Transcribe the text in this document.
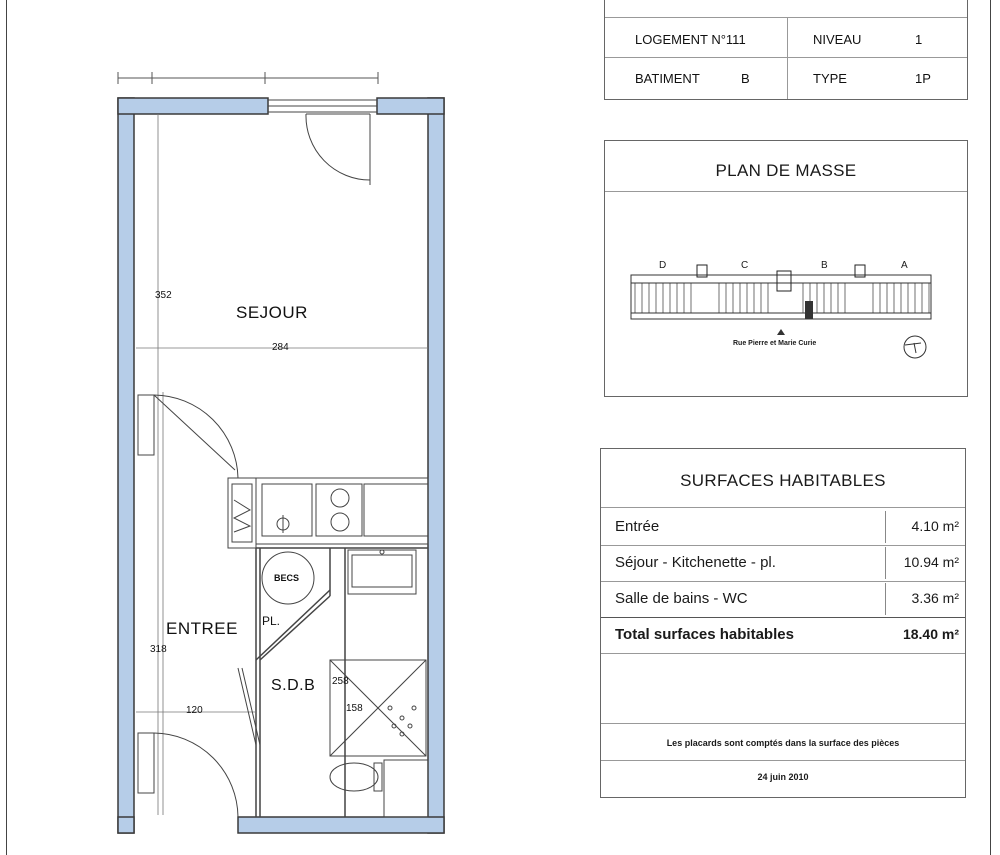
SEJOUR
ENTREE
S.D.B
352
284
318
120
258
158
BECS
PL.
LOGEMENT N°111	NIVEAU	1
BATIMENT	B	TYPE	1P
PLAN DE MASSE
D	C	B	A
Rue Pierre et Marie Curie
SURFACES HABITABLES
Entrée	4.10 m²
Séjour - Kitchenette - pl.	10.94 m²
Salle de bains - WC	3.36 m²
Total surfaces habitables	18.40 m²
Les placards sont comptés dans la surface des pièces
24 juin 2010
